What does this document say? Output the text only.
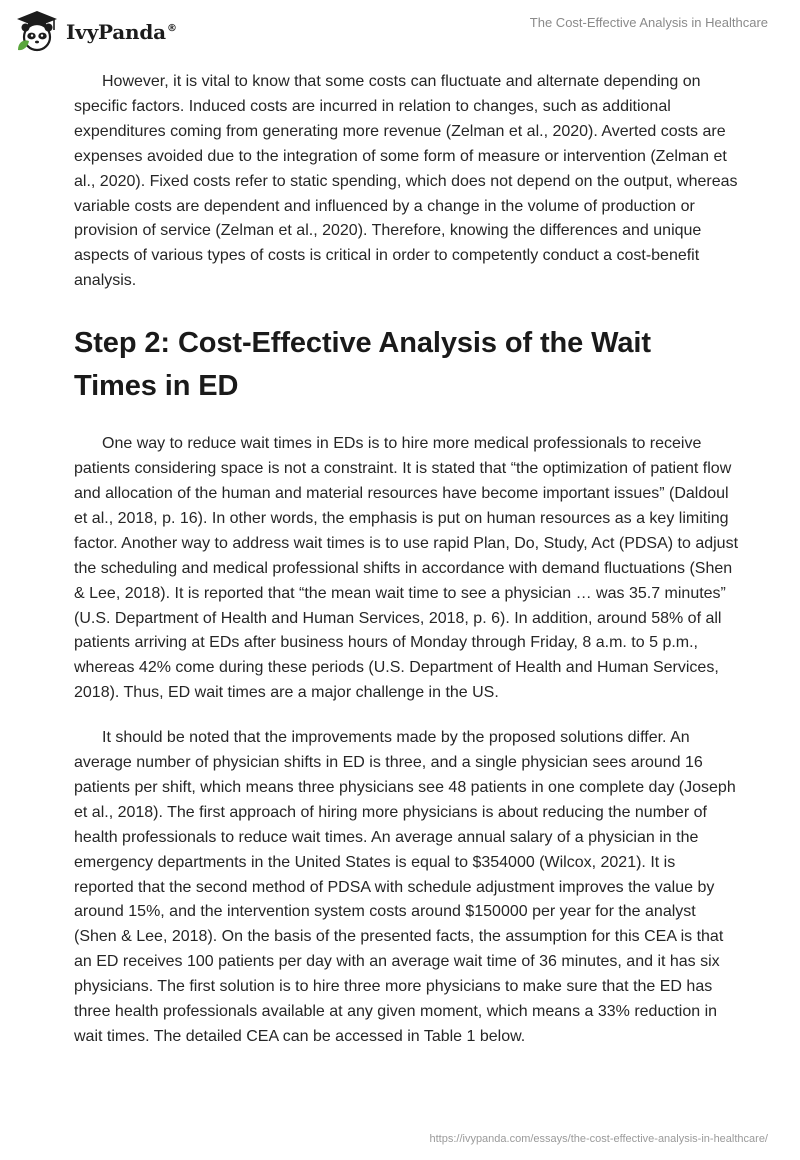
IvyPanda®	The Cost-Effective Analysis in Healthcare

However, it is vital to know that some costs can fluctuate and alternate depending on specific factors. Induced costs are incurred in relation to changes, such as additional expenditures coming from generating more revenue (Zelman et al., 2020). Averted costs are expenses avoided due to the integration of some form of measure or intervention (Zelman et al., 2020). Fixed costs refer to static spending, which does not depend on the output, whereas variable costs are dependent and influenced by a change in the volume of production or provision of service (Zelman et al., 2020). Therefore, knowing the differences and unique aspects of various types of costs is critical in order to competently conduct a cost-benefit analysis.

Step 2: Cost-Effective Analysis of the Wait Times in ED

One way to reduce wait times in EDs is to hire more medical professionals to receive patients considering space is not a constraint. It is stated that “the optimization of patient flow and allocation of the human and material resources have become important issues” (Daldoul et al., 2018, p. 16). In other words, the emphasis is put on human resources as a key limiting factor. Another way to address wait times is to use rapid Plan, Do, Study, Act (PDSA) to adjust the scheduling and medical professional shifts in accordance with demand fluctuations (Shen & Lee, 2018). It is reported that “the mean wait time to see a physician … was 35.7 minutes” (U.S. Department of Health and Human Services, 2018, p. 6). In addition, around 58% of all patients arriving at EDs after business hours of Monday through Friday, 8 a.m. to 5 p.m., whereas 42% come during these periods (U.S. Department of Health and Human Services, 2018). Thus, ED wait times are a major challenge in the US.

It should be noted that the improvements made by the proposed solutions differ. An average number of physician shifts in ED is three, and a single physician sees around 16 patients per shift, which means three physicians see 48 patients in one complete day (Joseph et al., 2018). The first approach of hiring more physicians is about reducing the number of health professionals to reduce wait times. An average annual salary of a physician in the emergency departments in the United States is equal to $354000 (Wilcox, 2021). It is reported that the second method of PDSA with schedule adjustment improves the value by around 15%, and the intervention system costs around $150000 per year for the analyst (Shen & Lee, 2018). On the basis of the presented facts, the assumption for this CEA is that an ED receives 100 patients per day with an average wait time of 36 minutes, and it has six physicians. The first solution is to hire three more physicians to make sure that the ED has three health professionals available at any given moment, which means a 33% reduction in wait times. The detailed CEA can be accessed in Table 1 below.

https://ivypanda.com/essays/the-cost-effective-analysis-in-healthcare/
